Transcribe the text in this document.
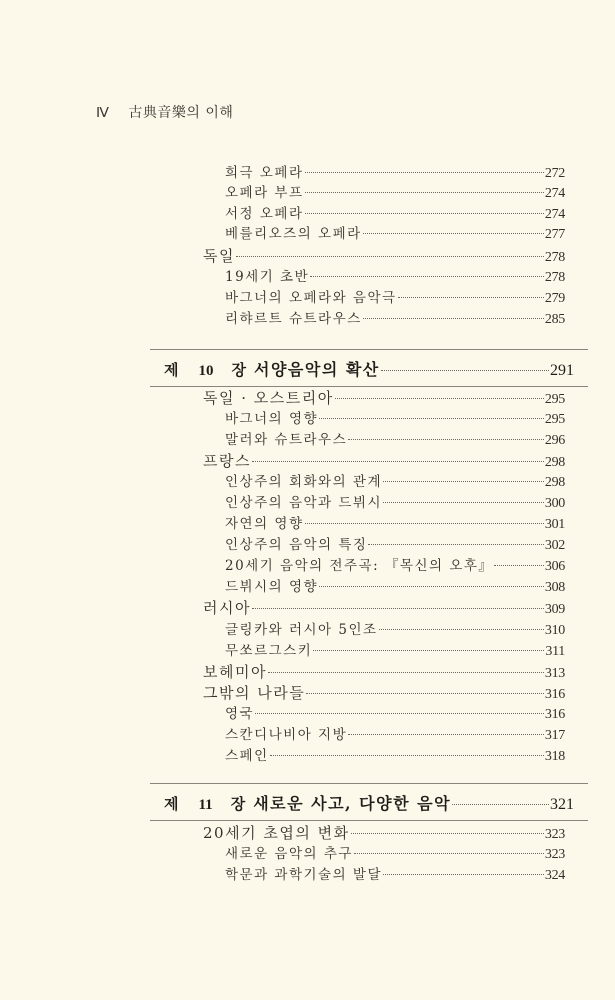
Ⅳ 古典音樂의 이해
희극 오페라	272
오페라 부프	274
서정 오페라	274
베를리오즈의 오페라	277
독일	278
19세기 초반	278
바그너의 오페라와 음악극	279
리햐르트 슈트라우스	285
제 10 장 서양음악의 확산	291
독일 · 오스트리아	295
바그너의 영향	295
말러와 슈트라우스	296
프랑스	298
인상주의 회화와의 관계	298
인상주의 음악과 드뷔시	300
자연의 영향	301
인상주의 음악의 특징	302
20세기 음악의 전주곡: 『목신의 오후』	306
드뷔시의 영향	308
러시아	309
글링카와 러시아 5인조	310
무쏘르그스키	311
보헤미아	313
그밖의 나라들	316
영국	316
스칸디나비아 지방	317
스페인	318
제 11 장 새로운 사고, 다양한 음악	321
20세기 초엽의 변화	323
새로운 음악의 추구	323
학문과 과학기술의 발달	324
